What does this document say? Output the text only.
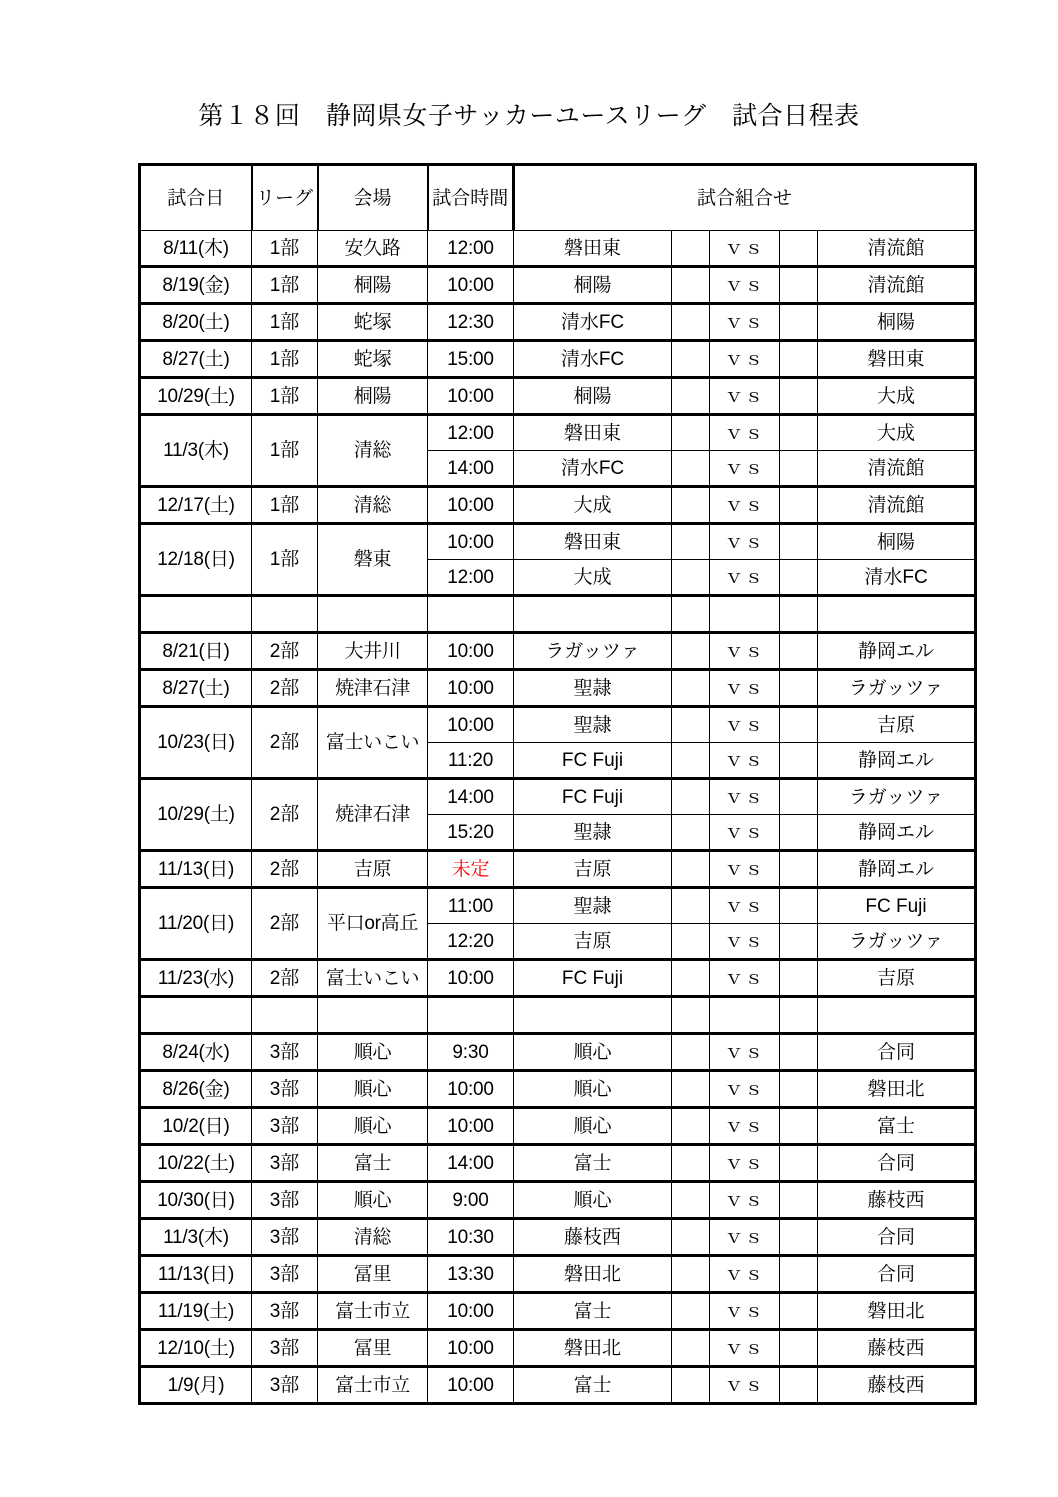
第１８回　静岡県女子サッカーユースリーグ　試合日程表
試合日	リーグ	会場	試合時間	試合組合せ				
8/11(木)	1部	安久路	12:00	磐田東		ｖｓ		清流館
8/19(金)	1部	桐陽	10:00	桐陽		ｖｓ		清流館
8/20(土)	1部	蛇塚	12:30	清水FC		ｖｓ		桐陽
8/27(土)	1部	蛇塚	15:00	清水FC		ｖｓ		磐田東
10/29(土)	1部	桐陽	10:00	桐陽		ｖｓ		大成
11/3(木)	1部	清総	12:00	磐田東		ｖｓ		大成
			14:00	清水FC		ｖｓ		清流館
12/17(土)	1部	清総	10:00	大成		ｖｓ		清流館
12/18(日)	1部	磐東	10:00	磐田東		ｖｓ		桐陽
			12:00	大成		ｖｓ		清水FC

8/21(日)	2部	大井川	10:00	ラガッツァ		ｖｓ		静岡エル
8/27(土)	2部	焼津石津	10:00	聖隷		ｖｓ		ラガッツァ
10/23(日)	2部	富士いこい	10:00	聖隷		ｖｓ		吉原
			11:20	FC Fuji		ｖｓ		静岡エル
10/29(土)	2部	焼津石津	14:00	FC Fuji		ｖｓ		ラガッツァ
			15:20	聖隷		ｖｓ		静岡エル
11/13(日)	2部	吉原	未定	吉原		ｖｓ		静岡エル
11/20(日)	2部	平口or高丘	11:00	聖隷		ｖｓ		FC Fuji
			12:20	吉原		ｖｓ		ラガッツァ
11/23(水)	2部	富士いこい	10:00	FC Fuji		ｖｓ		吉原

8/24(水)	3部	順心	9:30	順心		ｖｓ		合同
8/26(金)	3部	順心	10:00	順心		ｖｓ		磐田北
10/2(日)	3部	順心	10:00	順心		ｖｓ		富士
10/22(土)	3部	富士	14:00	富士		ｖｓ		合同
10/30(日)	3部	順心	9:00	順心		ｖｓ		藤枝西
11/3(木)	3部	清総	10:30	藤枝西		ｖｓ		合同
11/13(日)	3部	冨里	13:30	磐田北		ｖｓ		合同
11/19(土)	3部	富士市立	10:00	富士		ｖｓ		磐田北
12/10(土)	3部	冨里	10:00	磐田北		ｖｓ		藤枝西
1/9(月)	3部	富士市立	10:00	富士		ｖｓ		藤枝西
